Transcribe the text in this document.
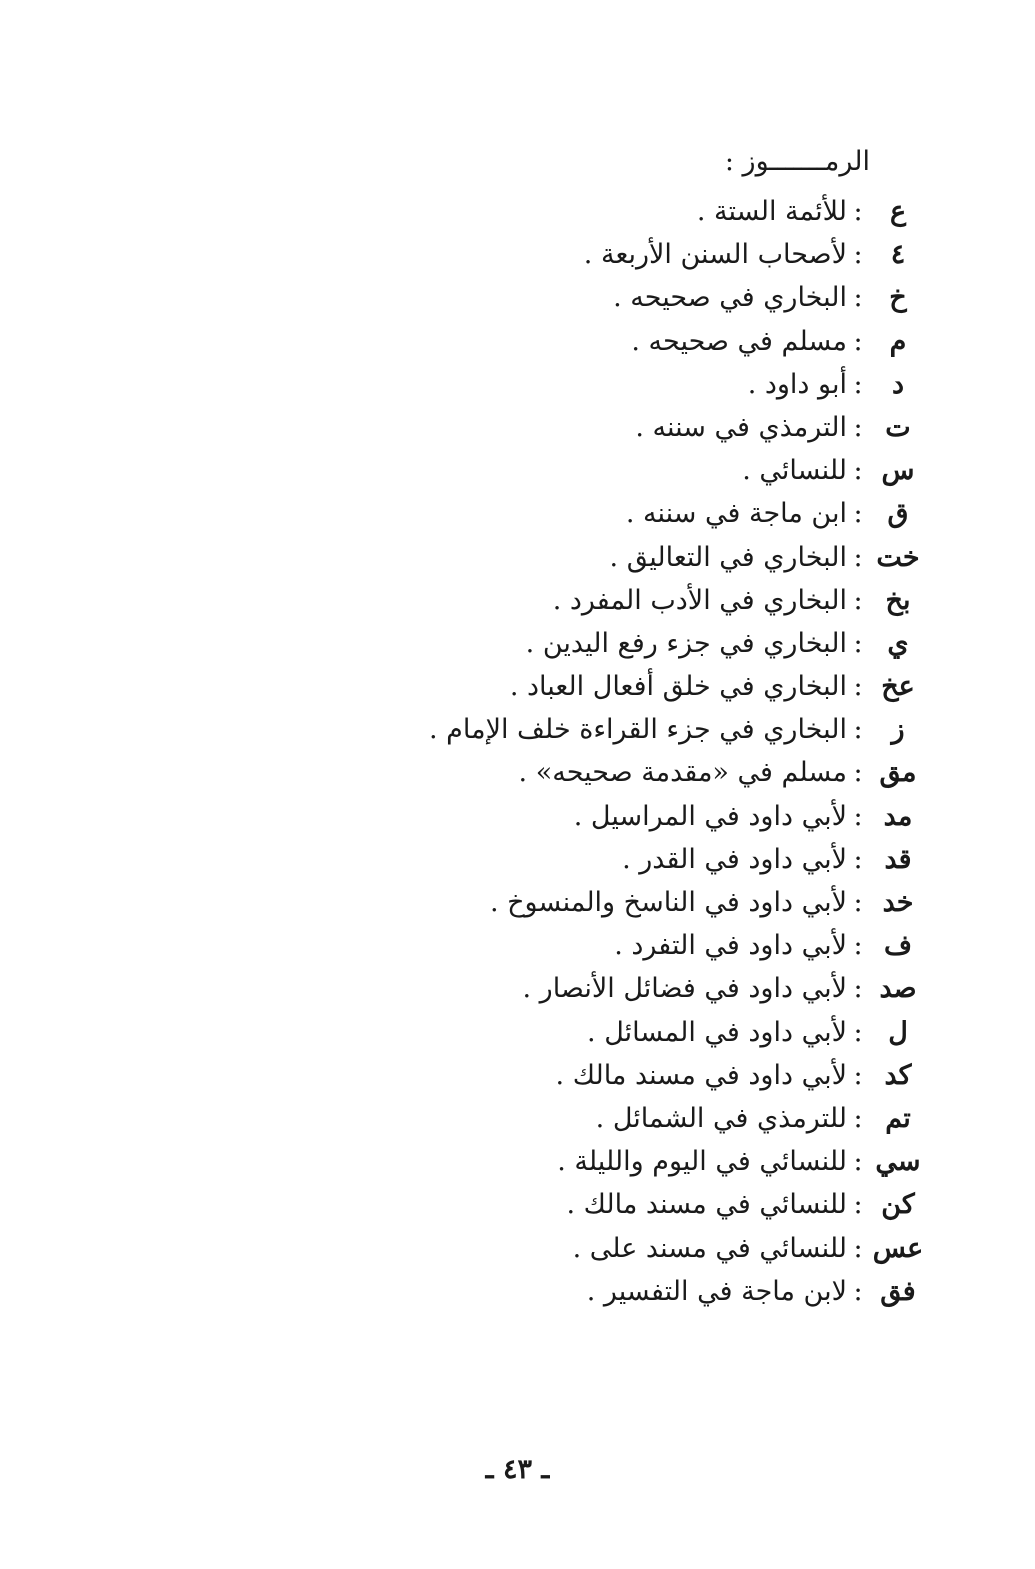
الرمـــــــوز :
ع
:
للأئمة الستة .
٤
:
لأصحاب السنن الأربعة .
خ
:
البخاري في صحيحه .
م
:
مسلم في صحيحه .
د
:
أبو داود .
ت
:
الترمذي في سننه .
س
:
للنسائي .
ق
:
ابن ماجة في سننه .
خت
:
البخاري في التعاليق .
بخ
:
البخاري في الأدب المفرد .
ي
:
البخاري في جزء رفع اليدين .
عخ
:
البخاري في خلق أفعال العباد .
ز
:
البخاري في جزء القراءة خلف الإمام .
مق
:
مسلم في «مقدمة صحيحه» .
مد
:
لأبي داود في المراسيل .
قد
:
لأبي داود في القدر .
خد
:
لأبي داود في الناسخ والمنسوخ .
ف
:
لأبي داود في التفرد .
صد
:
لأبي داود في فضائل الأنصار .
ل
:
لأبي داود في المسائل .
كد
:
لأبي داود في مسند مالك .
تم
:
للترمذي في الشمائل .
سي
:
للنسائي في اليوم والليلة .
كن
:
للنسائي في مسند مالك .
عس
:
للنسائي في مسند على .
فق
:
لابن ماجة في التفسير .
ـ ٤٣ ـ
